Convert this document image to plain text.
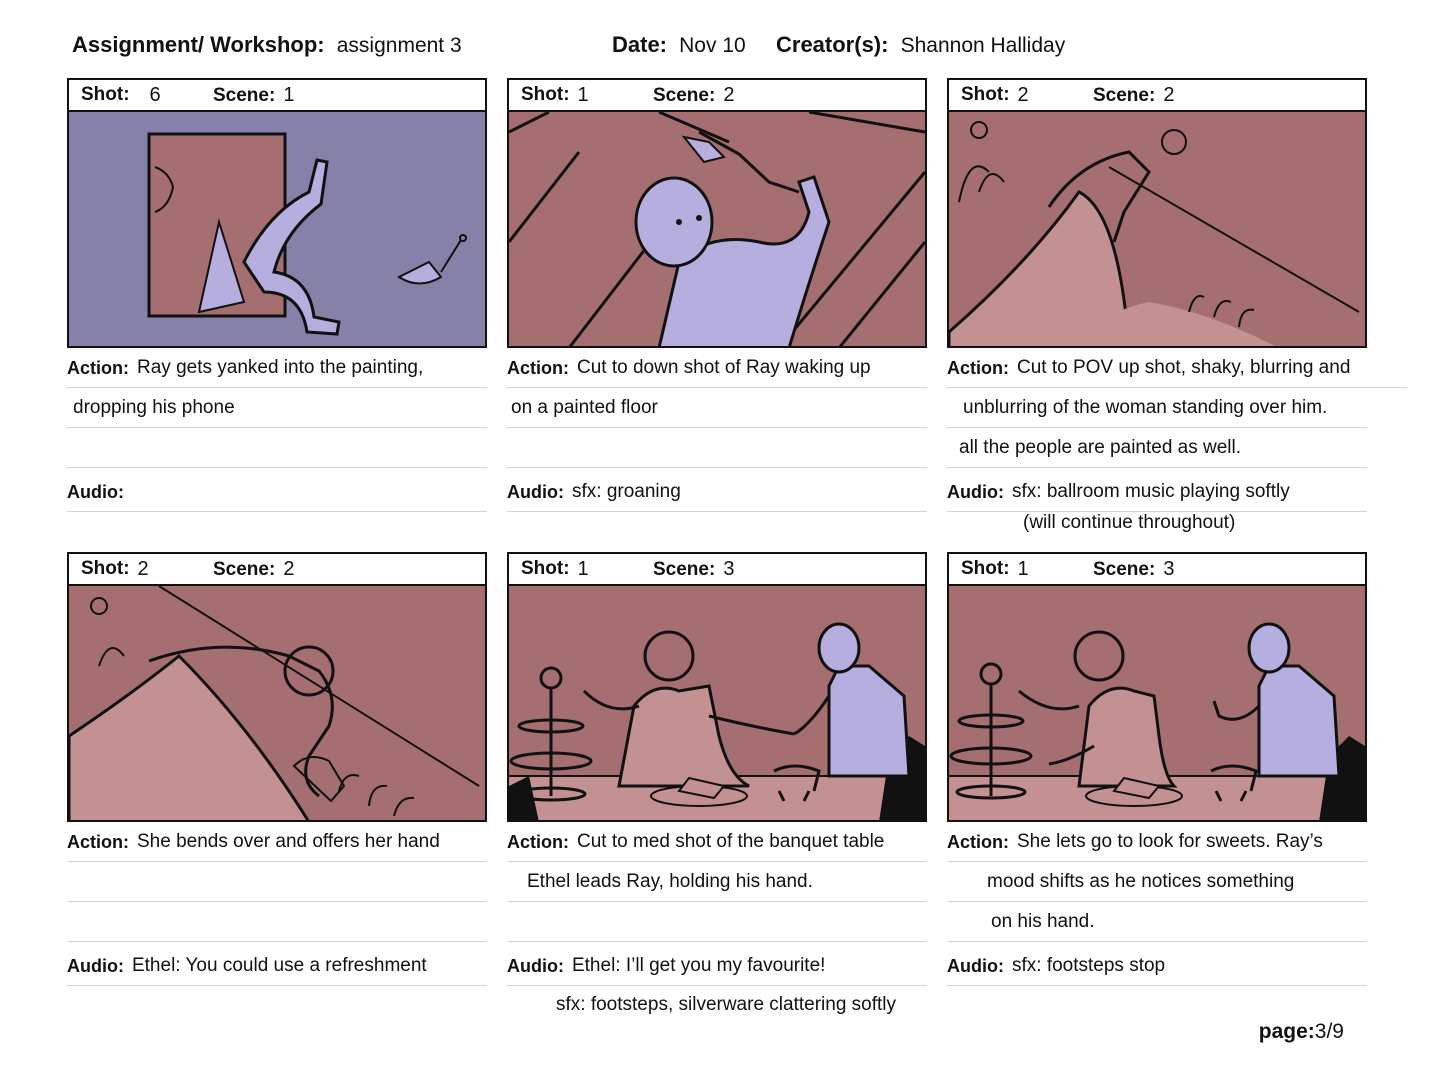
Assignment/ Workshop: assignment 3	Date: Nov 10 Creator(s): Shannon Halliday
Shot: 6	Scene: 1
Action: Ray gets yanked into the painting,
dropping his phone
Audio:
Shot: 1	Scene: 2
Action: Cut to down shot of Ray waking up
on a painted floor
Audio: sfx: groaning
Shot: 2	Scene: 2
Action: Cut to POV up shot, shaky, blurring and
unblurring of the woman standing over him.
all the people are painted as well.
Audio: sfx: ballroom music playing softly
(will continue throughout)
Shot: 2	Scene: 2
Action: She bends over and offers her hand
Audio: Ethel: You could use a refreshment
Shot: 1	Scene: 3
Action: Cut to med shot of the banquet table
Ethel leads Ray, holding his hand.
Audio: Ethel: I’ll get you my favourite!
sfx: footsteps, silverware clattering softly
Shot: 1	Scene: 3
Action: She lets go to look for sweets. Ray’s
mood shifts as he notices something
on his hand.
Audio: sfx: footsteps stop
page:3/9
